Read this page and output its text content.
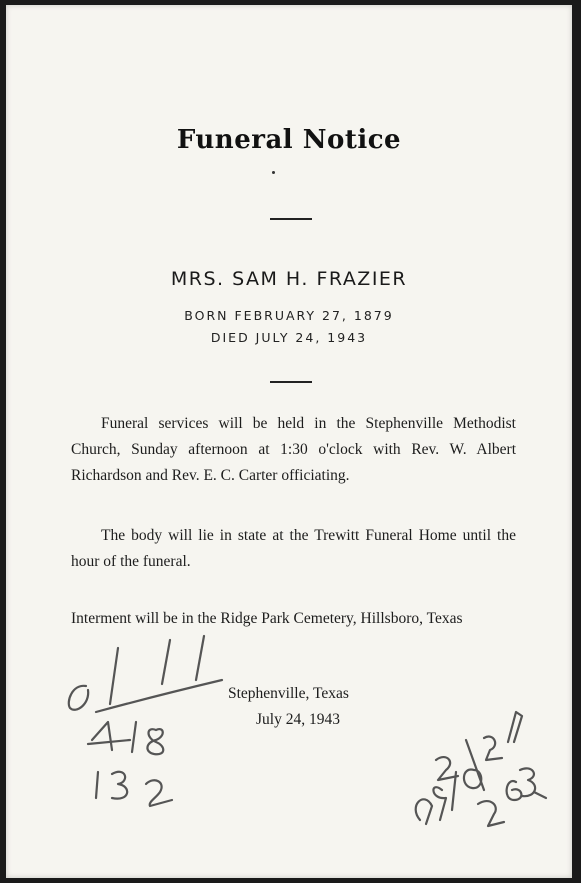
Funeral Notice
MRS. SAM H. FRAZIER
BORN FEBRUARY 27, 1879
DIED JULY 24, 1943

Funeral services will be held in the Stephenville Methodist Church, Sunday afternoon at 1:30 o'clock with Rev. W. Albert Richardson and Rev. E. C. Carter officiating.

The body will lie in state at the Trewitt Funeral Home until the hour of the funeral.

Interment will be in the Ridge Park Cemetery, Hillsboro, Texas

Stephenville, Texas
July 24, 1943
